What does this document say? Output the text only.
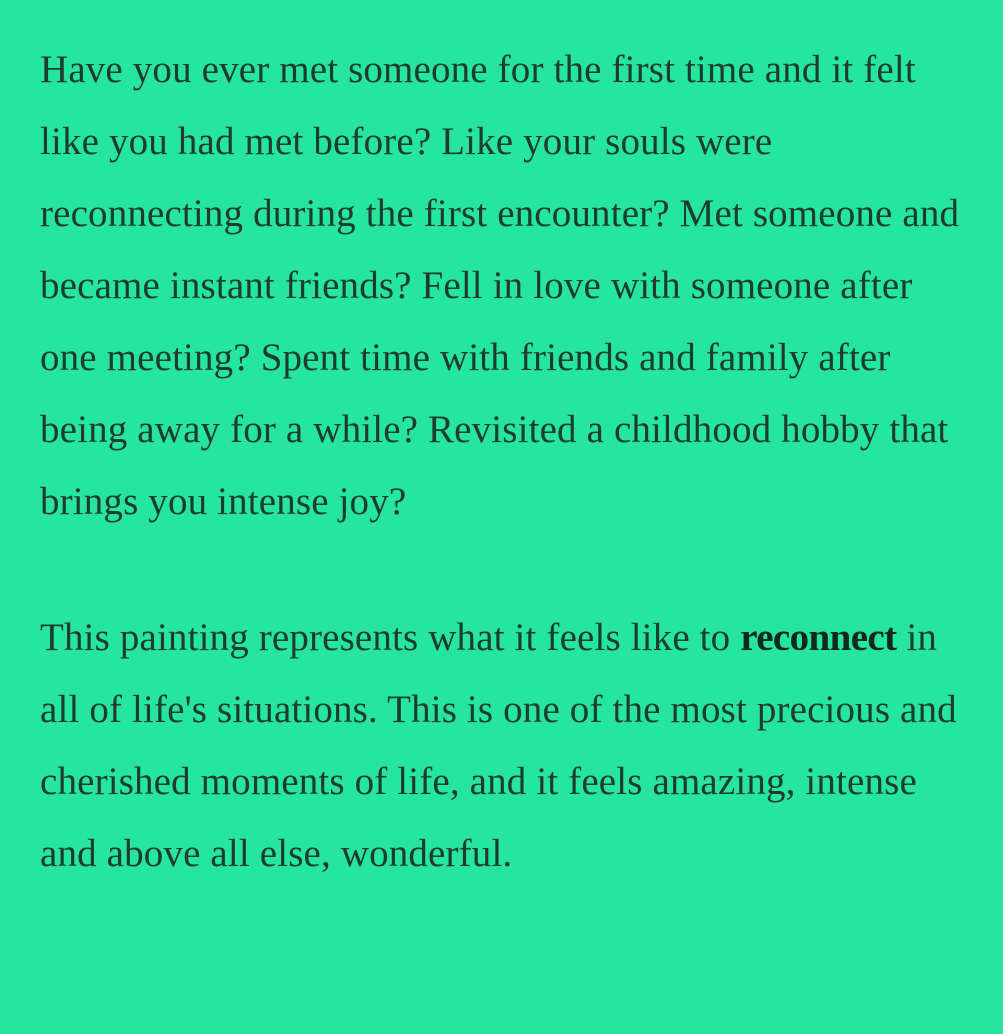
Have you ever met someone for the first time and it felt like you had met before? Like your souls were reconnecting during the first encounter? Met someone and became instant friends? Fell in love with someone after one meeting? Spent time with friends and family after being away for a while? Revisited a childhood hobby that brings you intense joy?

This painting represents what it feels like to reconnect in all of life's situations. This is one of the most precious and cherished moments of life, and it feels amazing, intense and above all else, wonderful.
